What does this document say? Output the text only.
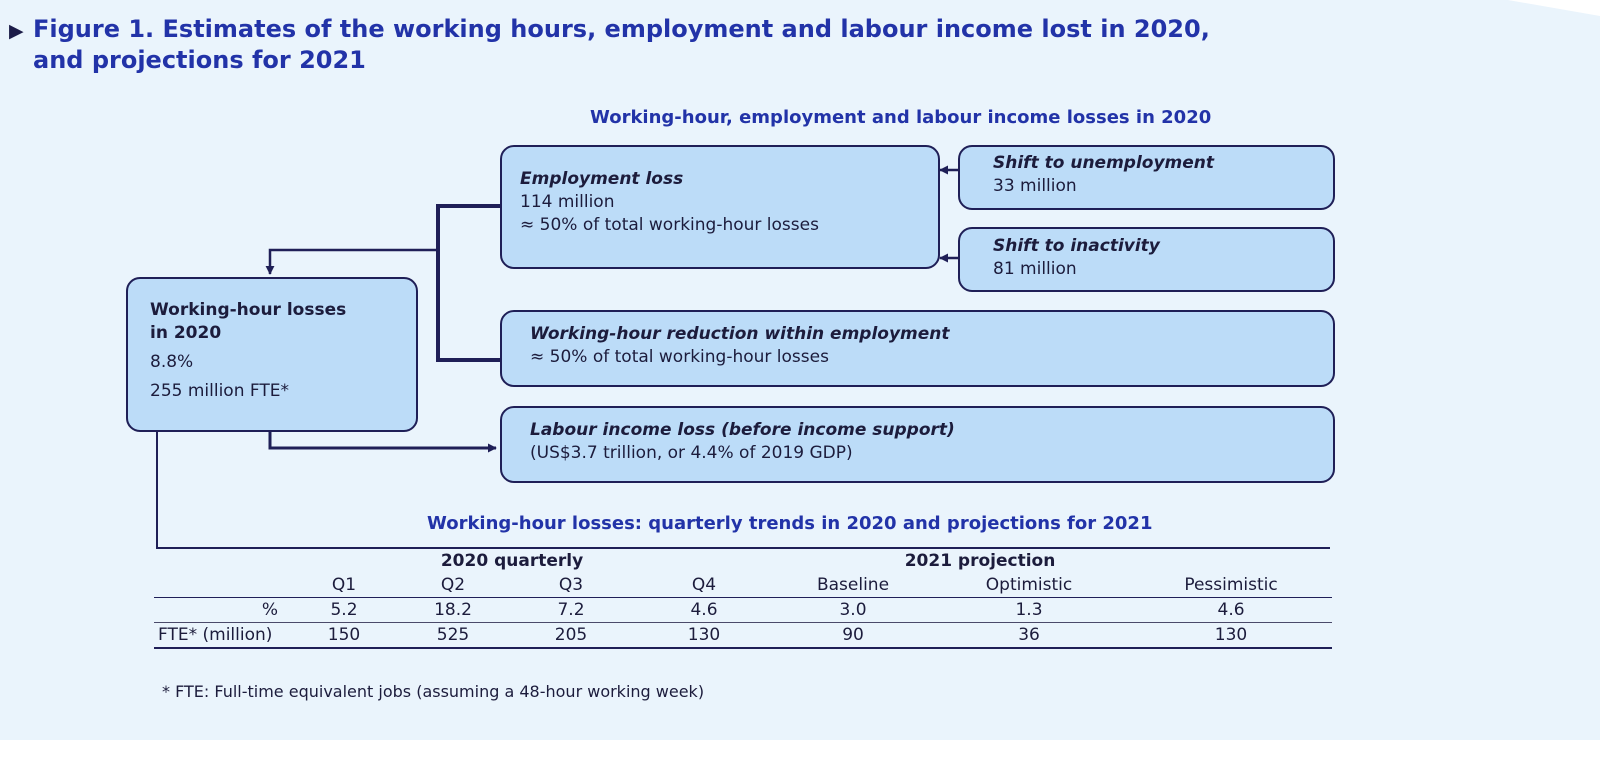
▶ Figure 1. Estimates of the working hours, employment and labour income lost in 2020,
and projections for 2021
Working-hour, employment and labour income losses in 2020
Working-hour losses
in 2020
8.8%
255 million FTE*
Employment loss
114 million
≈ 50% of total working-hour losses
Shift to unemployment
33 million
Shift to inactivity
81 million
Working-hour reduction within employment
≈ 50% of total working-hour losses
Labour income loss (before income support)
(US$3.7 trillion, or 4.4% of 2019 GDP)
Working-hour losses: quarterly trends in 2020 and projections for 2021
	2020 quarterly				2021 projection		
	Q1	Q2	Q3	Q4	Baseline	Optimistic	Pessimistic
%	5.2	18.2	7.2	4.6	3.0	1.3	4.6
FTE* (million)	150	525	205	130	90	36	130
* FTE: Full-time equivalent jobs (assuming a 48-hour working week)
